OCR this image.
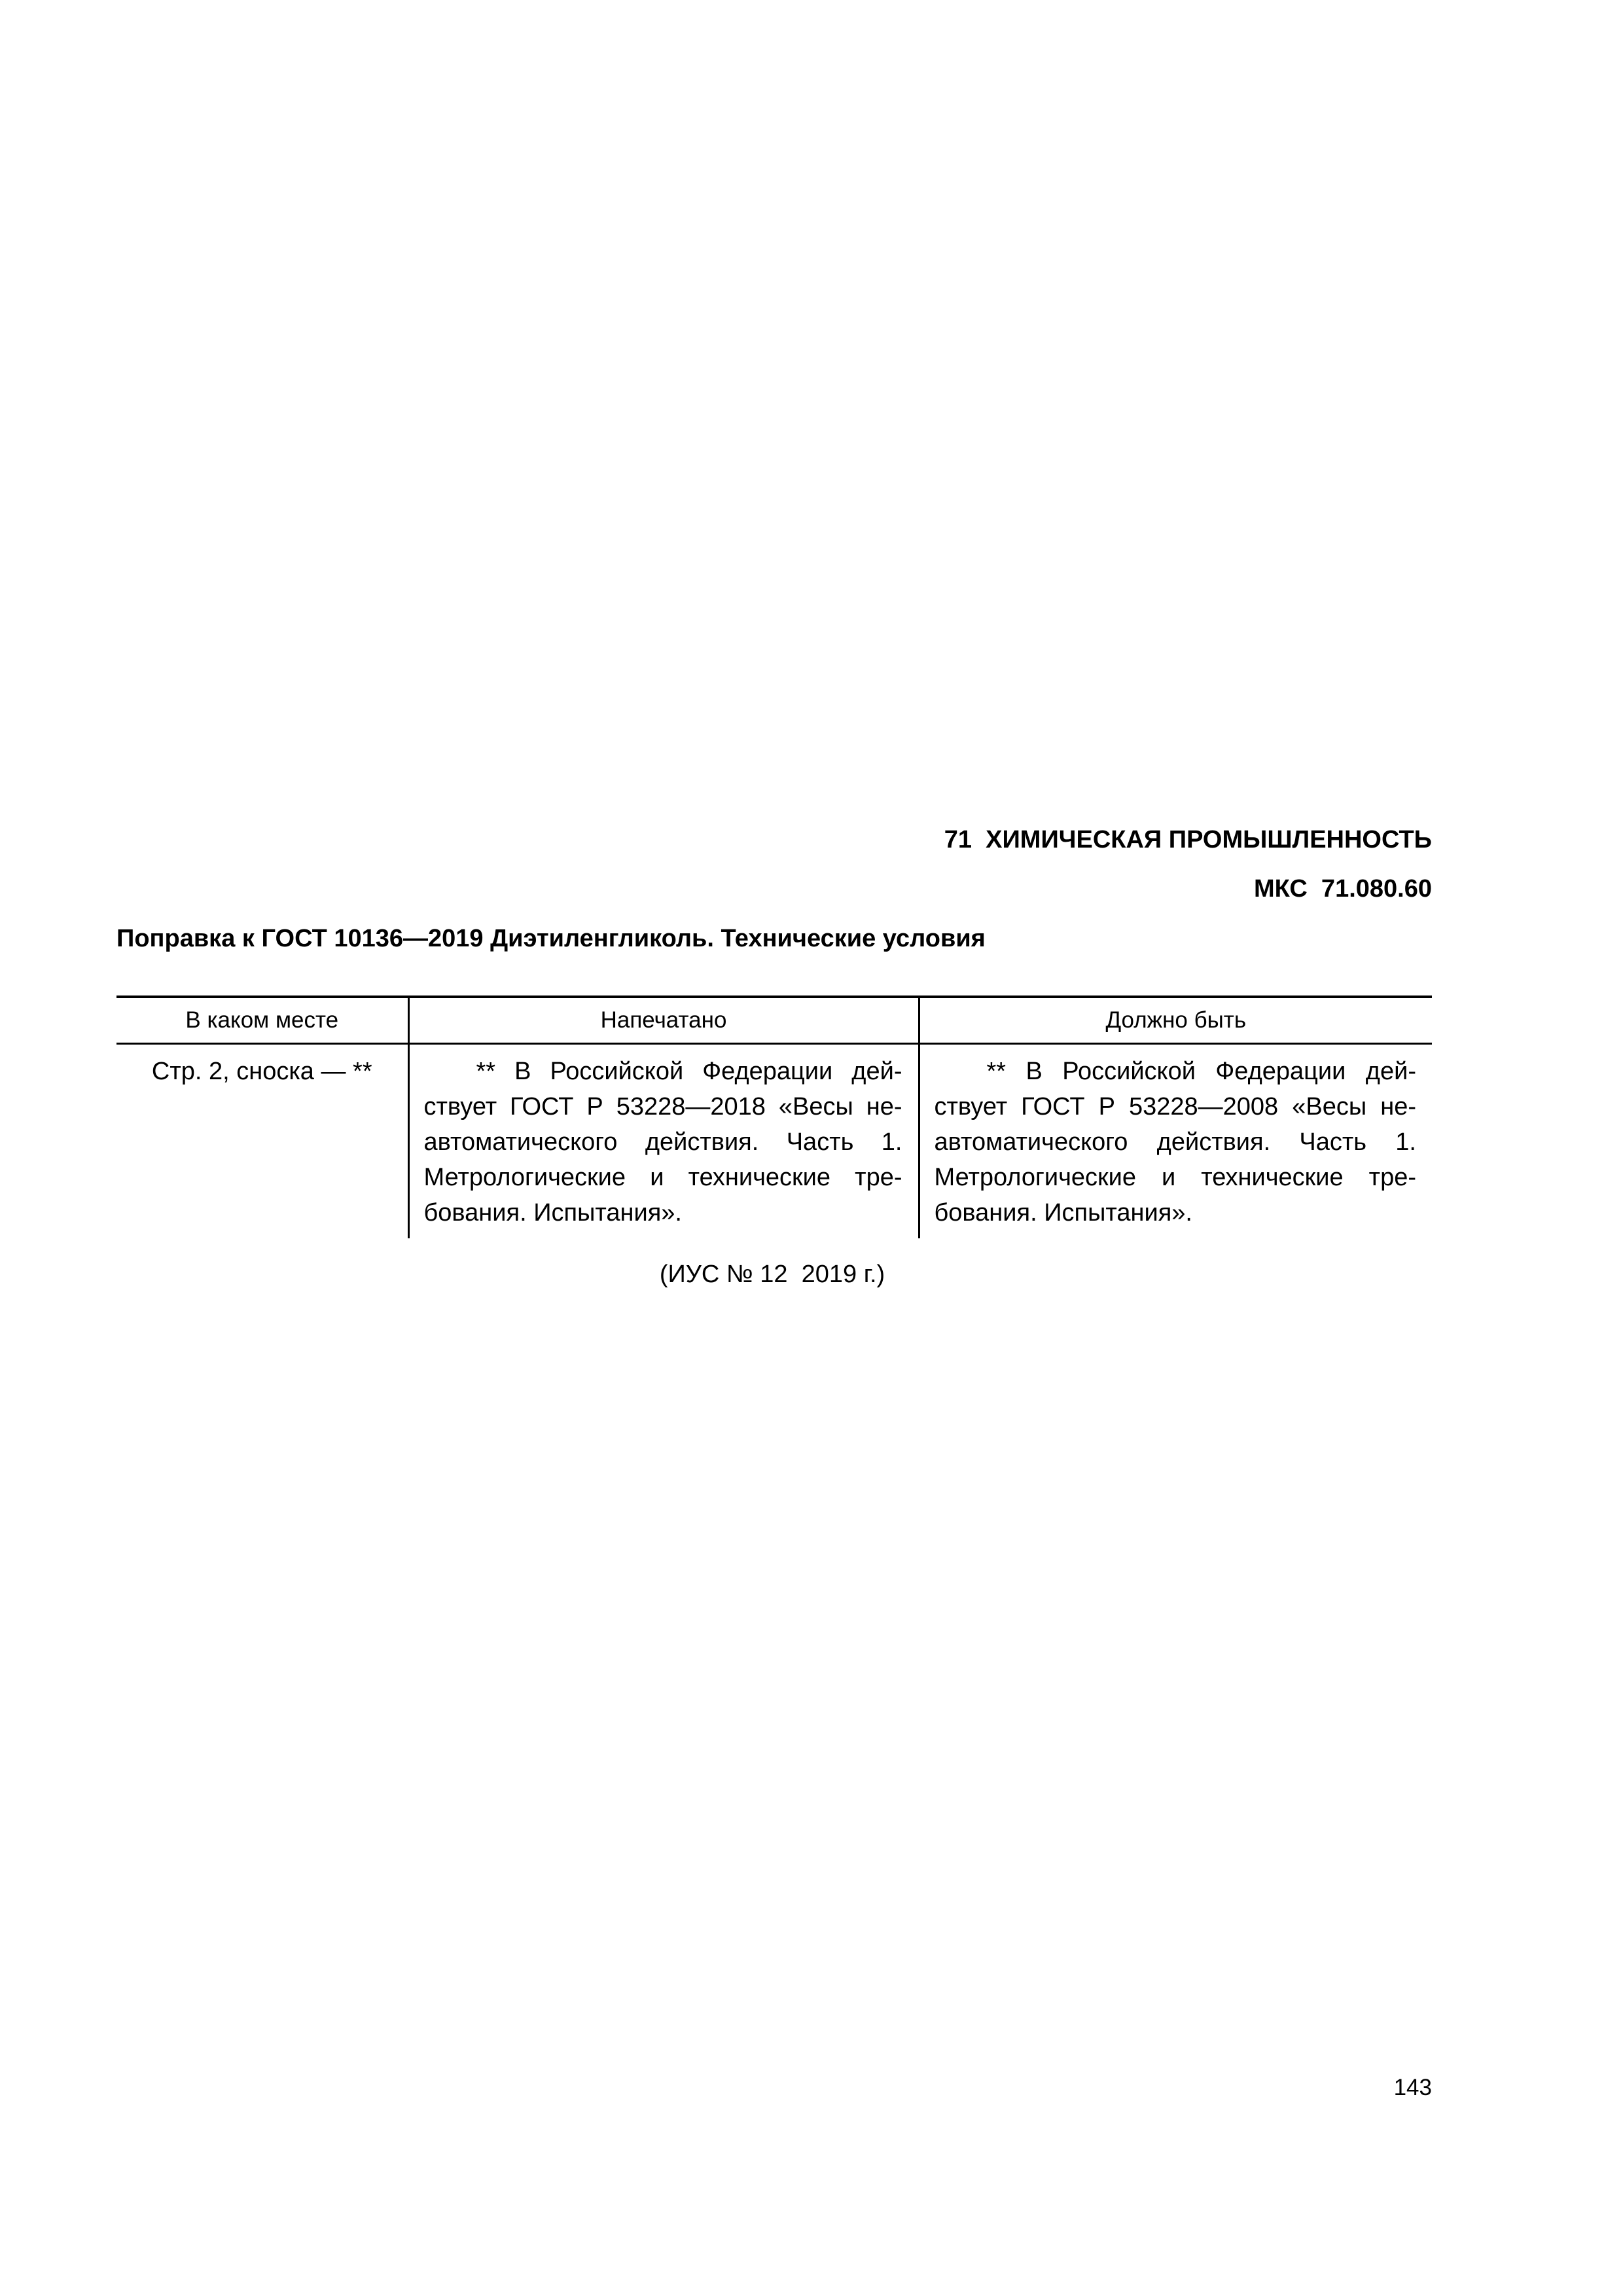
71  ХИМИЧЕСКАЯ ПРОМЫШЛЕННОСТЬ
МКС  71.080.60
Поправка к ГОСТ 10136—2019 Диэтиленгликоль. Технические условия
В каком месте	Напечатано	Должно быть
Стр. 2, сноска — **	** В Российской Федерации действует ГОСТ Р 53228—2018 «Весы неавтоматического действия. Часть 1. Метрологические и технические требования. Испытания».	** В Российской Федерации действует ГОСТ Р 53228—2008 «Весы неавтоматического действия. Часть 1. Метрологические и технические требования. Испытания».
(ИУС № 12  2019 г.)
143
